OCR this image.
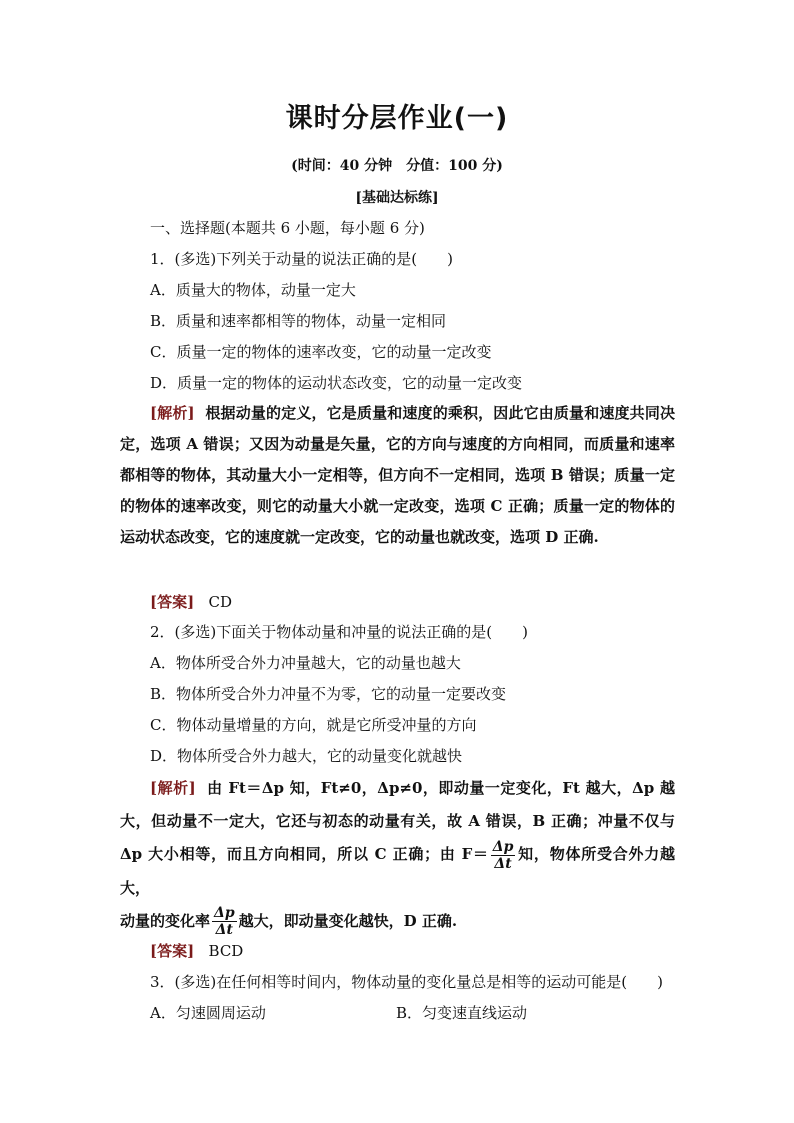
课时分层作业(一)
(时间：40 分钟　分值：100 分)
[基础达标练]
一、选择题(本题共 6 小题，每小题 6 分)
1．(多选)下列关于动量的说法正确的是(　　)
A．质量大的物体，动量一定大
B．质量和速率都相等的物体，动量一定相同
C．质量一定的物体的速率改变，它的动量一定改变
D．质量一定的物体的运动状态改变，它的动量一定改变
[解析] 根据动量的定义，它是质量和速度的乘积，因此它由质量和速度共同决定，选项 A 错误；又因为动量是矢量，它的方向与速度的方向相同，而质量和速率都相等的物体，其动量大小一定相等，但方向不一定相同，选项 B 错误；质量一定的物体的速率改变，则它的动量大小就一定改变，选项 C 正确；质量一定的物体的运动状态改变，它的速度就一定改变，它的动量也就改变，选项 D 正确.
[答案] CD
2．(多选)下面关于物体动量和冲量的说法正确的是(　　)
A．物体所受合外力冲量越大，它的动量也越大
B．物体所受合外力冲量不为零，它的动量一定要改变
C．物体动量增量的方向，就是它所受冲量的方向
D．物体所受合外力越大，它的动量变化就越快
[解析] 由 Ft＝Δp 知，Ft≠0，Δp≠0，即动量一定变化，Ft 越大，Δp 越大，但动量不一定大，它还与初态的动量有关，故 A 错误，B 正确；冲量不仅与 Δp 大小相等，而且方向相同，所以 C 正确；由 $F= \frac{\Delta p}{\Delta t}$ 知，物体所受合外力越大，
动量的变化率 $\frac{\Delta p}{\Delta t}$ 越大，即动量变化越快，D 正确.
[答案] BCD
3．(多选)在任何相等时间内，物体动量的变化量总是相等的运动可能是(　　)
A．匀速圆周运动	B．匀变速直线运动
